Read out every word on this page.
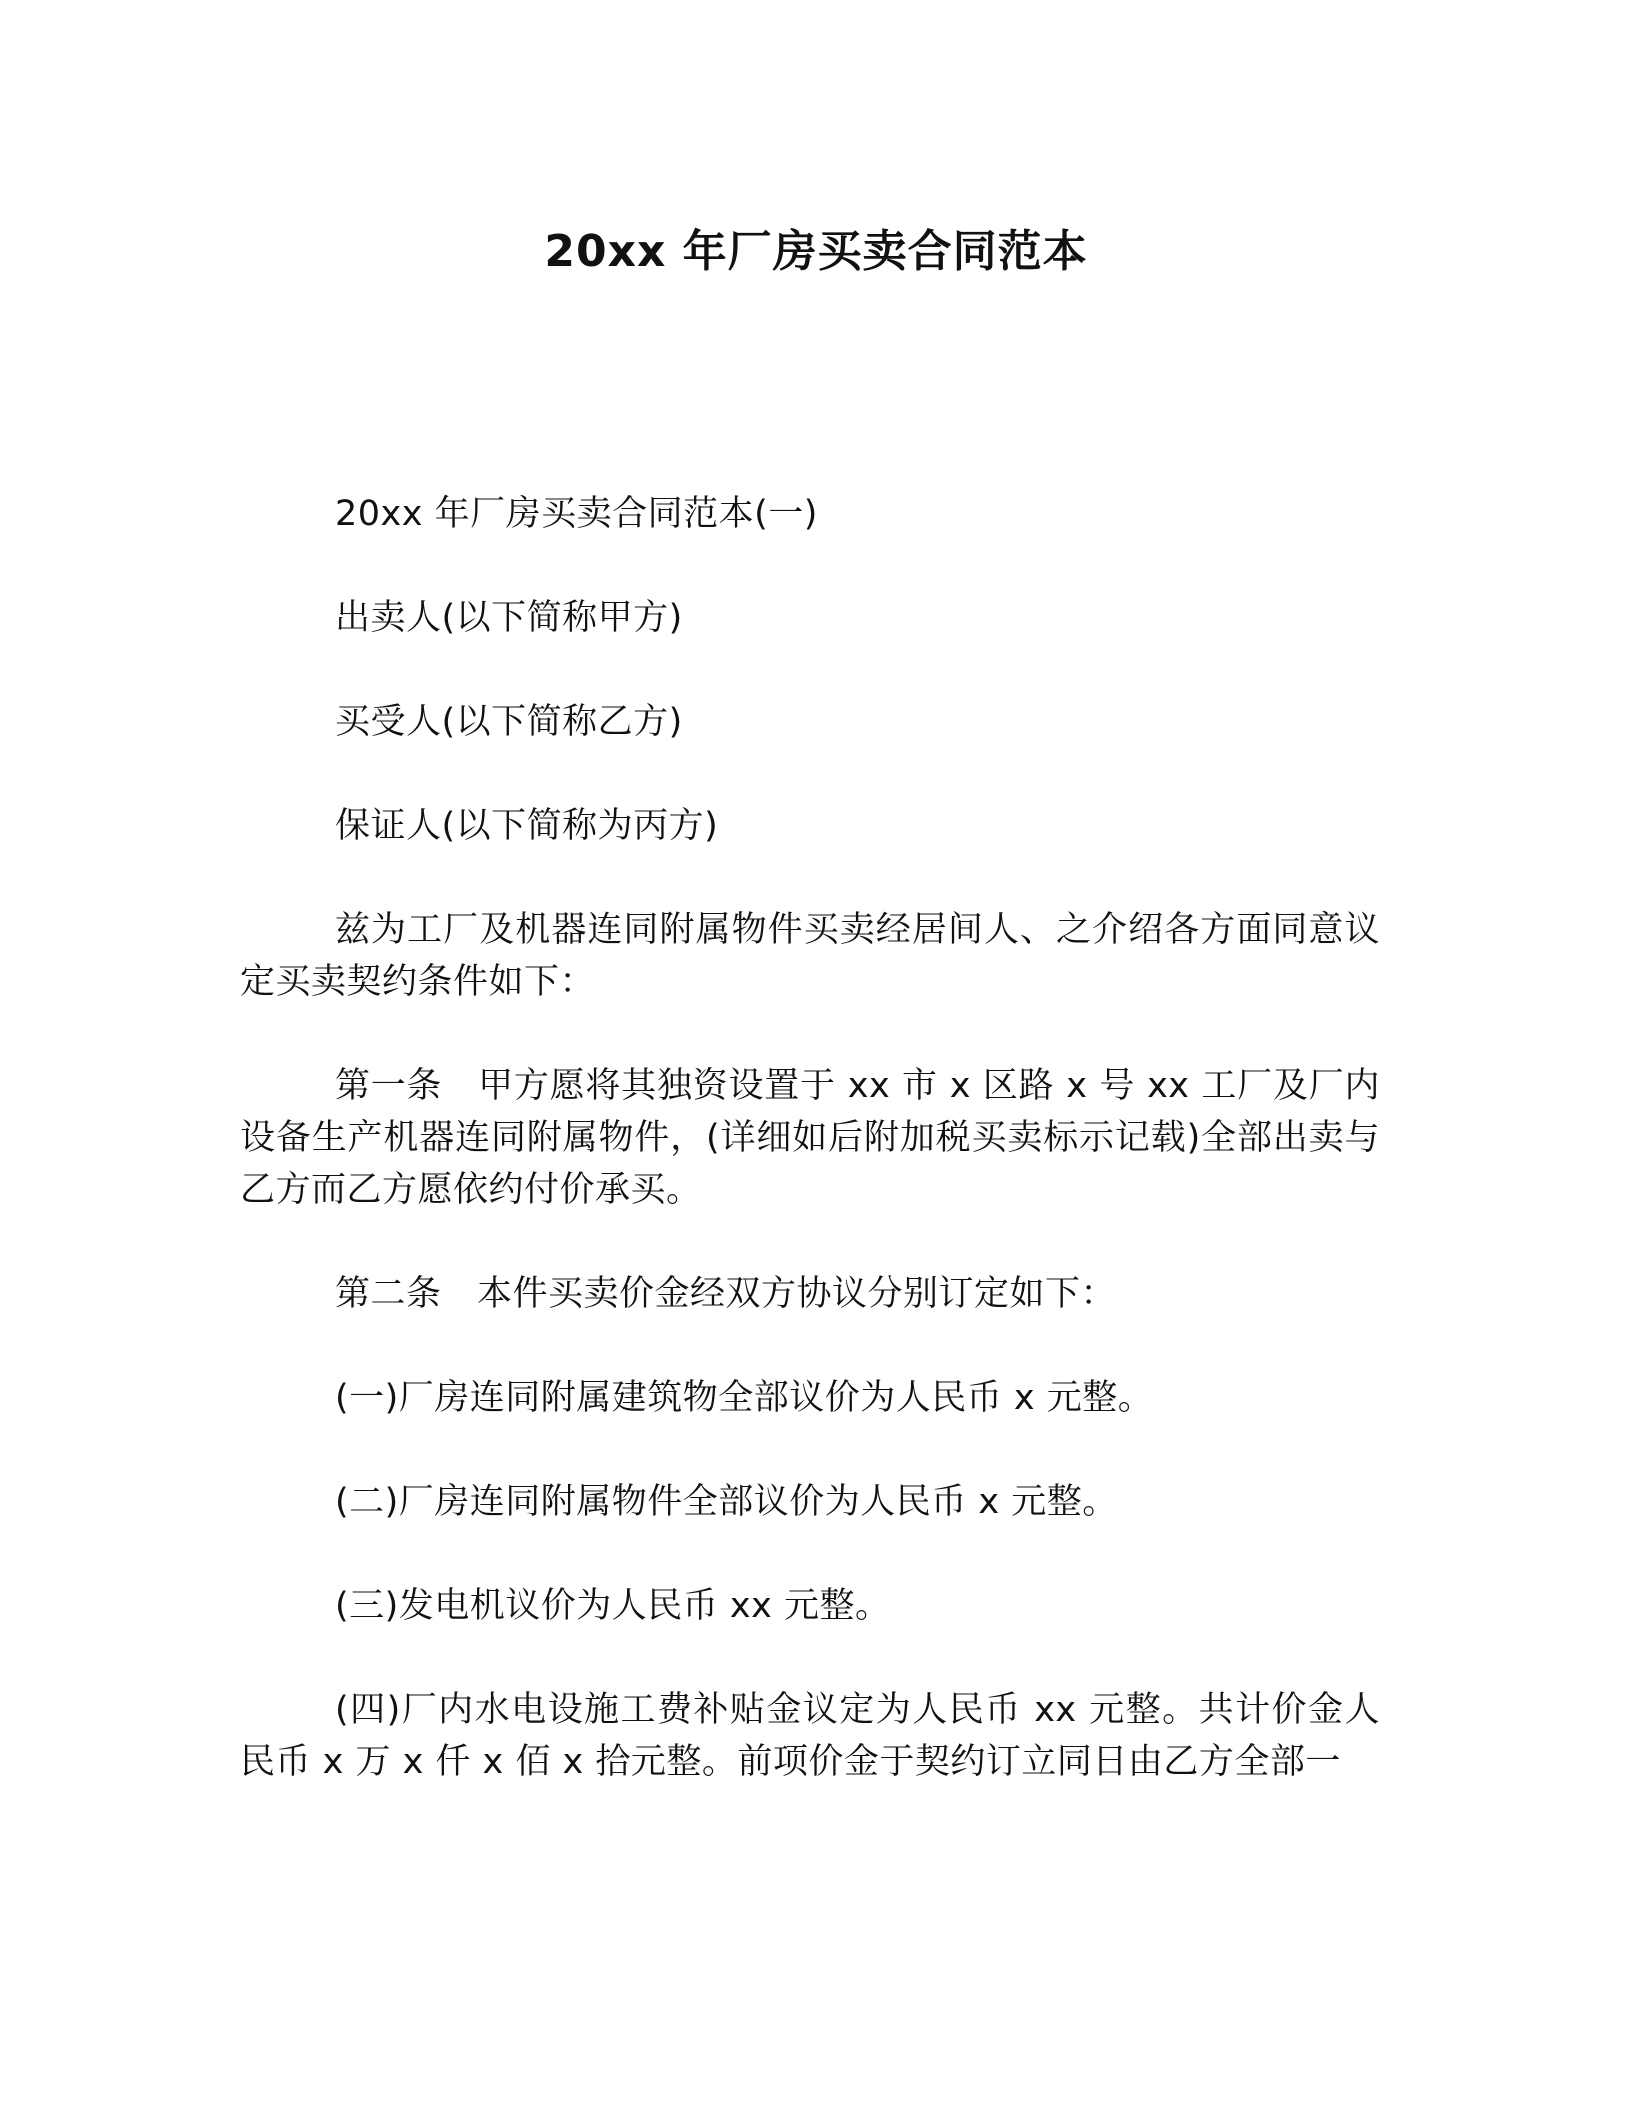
20xx 年厂房买卖合同范本

20xx 年厂房买卖合同范本(一)

出卖人(以下简称甲方)

买受人(以下简称乙方)

保证人(以下简称为丙方)

兹为工厂及机器连同附属物件买卖经居间人、之介绍各方面同意议定买卖契约条件如下：

第一条　甲方愿将其独资设置于 xx 市 x 区路 x 号 xx 工厂及厂内设备生产机器连同附属物件，(详细如后附加税买卖标示记载)全部出卖与乙方而乙方愿依约付价承买。

第二条　本件买卖价金经双方协议分别订定如下：

(一)厂房连同附属建筑物全部议价为人民币 x 元整。

(二)厂房连同附属物件全部议价为人民币 x 元整。

(三)发电机议价为人民币 xx 元整。

(四)厂内水电设施工费补贴金议定为人民币 xx 元整。共计价金人民币 x 万 x 仟 x 佰 x 拾元整。前项价金于契约订立同日由乙方全部一
